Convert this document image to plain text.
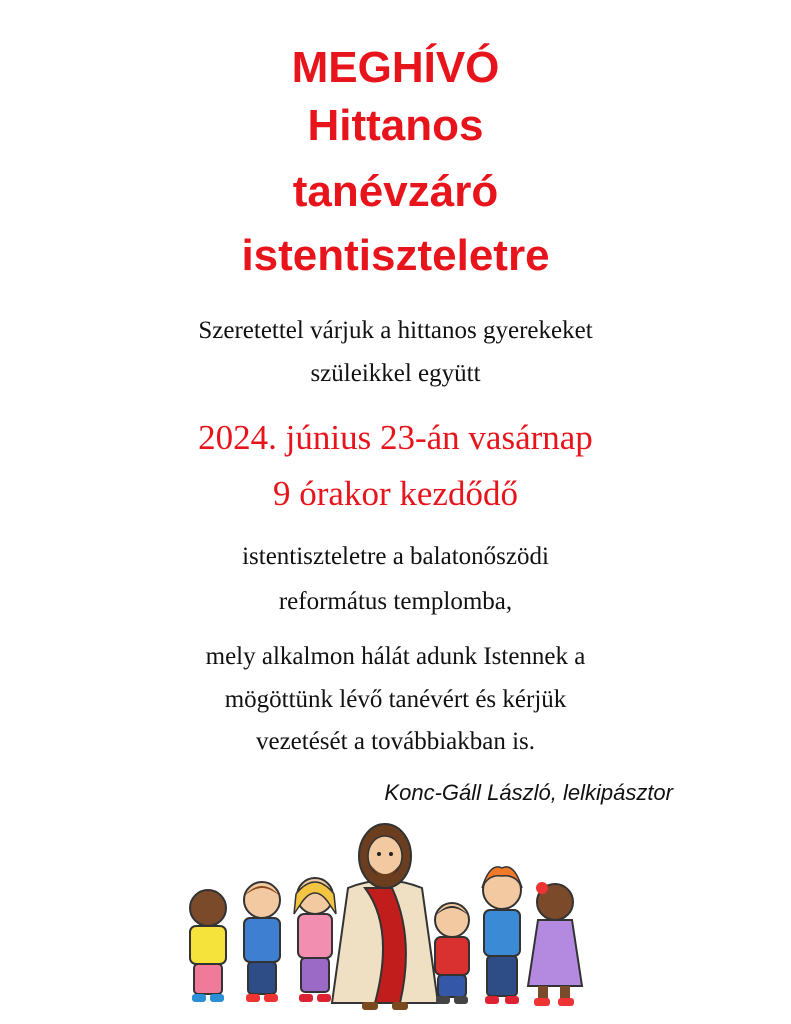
MEGHÍVÓ
Hittanos
tanévzáró
istentiszteletre
Szeretettel várjuk a hittanos gyerekeket
szüleikkel együtt
2024. június 23-án vasárnap
9 órakor kezdődő
istentiszteletre a balatonőszödi
református templomba,
mely alkalmon hálát adunk Istennek a
mögöttünk lévő tanévért és kérjük
vezetését a továbbiakban is.
Konc-Gáll László, lelkipásztor
